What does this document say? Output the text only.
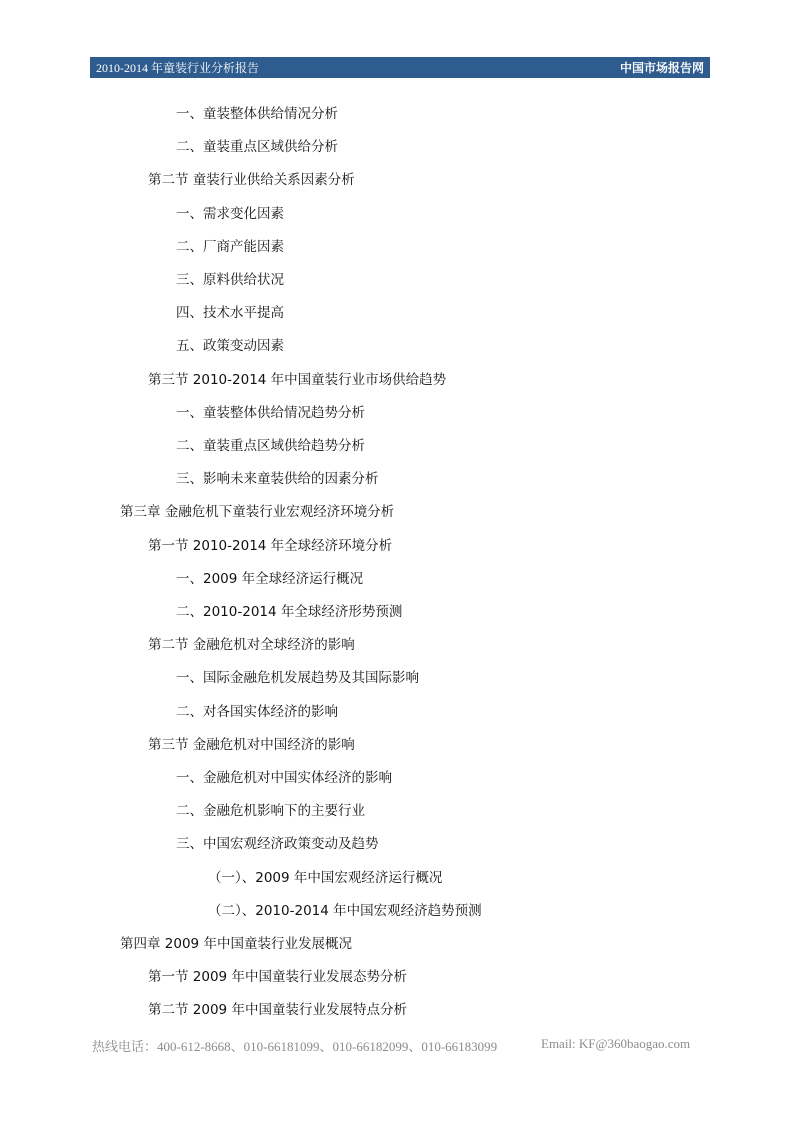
2010-2014 年童装行业分析报告	中国市场报告网
一、童装整体供给情况分析
二、童装重点区域供给分析
第二节 童装行业供给关系因素分析
一、需求变化因素
二、厂商产能因素
三、原料供给状况
四、技术水平提高
五、政策变动因素
第三节 2010-2014 年中国童装行业市场供给趋势
一、童装整体供给情况趋势分析
二、童装重点区域供给趋势分析
三、影响未来童装供给的因素分析
第三章 金融危机下童装行业宏观经济环境分析
第一节 2010-2014 年全球经济环境分析
一、2009 年全球经济运行概况
二、2010-2014 年全球经济形势预测
第二节 金融危机对全球经济的影响
一、国际金融危机发展趋势及其国际影响
二、对各国实体经济的影响
第三节 金融危机对中国经济的影响
一、金融危机对中国实体经济的影响
二、金融危机影响下的主要行业
三、中国宏观经济政策变动及趋势
（一）、2009 年中国宏观经济运行概况
（二）、2010-2014 年中国宏观经济趋势预测
第四章 2009 年中国童装行业发展概况
第一节 2009 年中国童装行业发展态势分析
第二节 2009 年中国童装行业发展特点分析
热线电话：400-612-8668、010-66181099、010-66182099、010-66183099	Email: KF@360baogao.com
